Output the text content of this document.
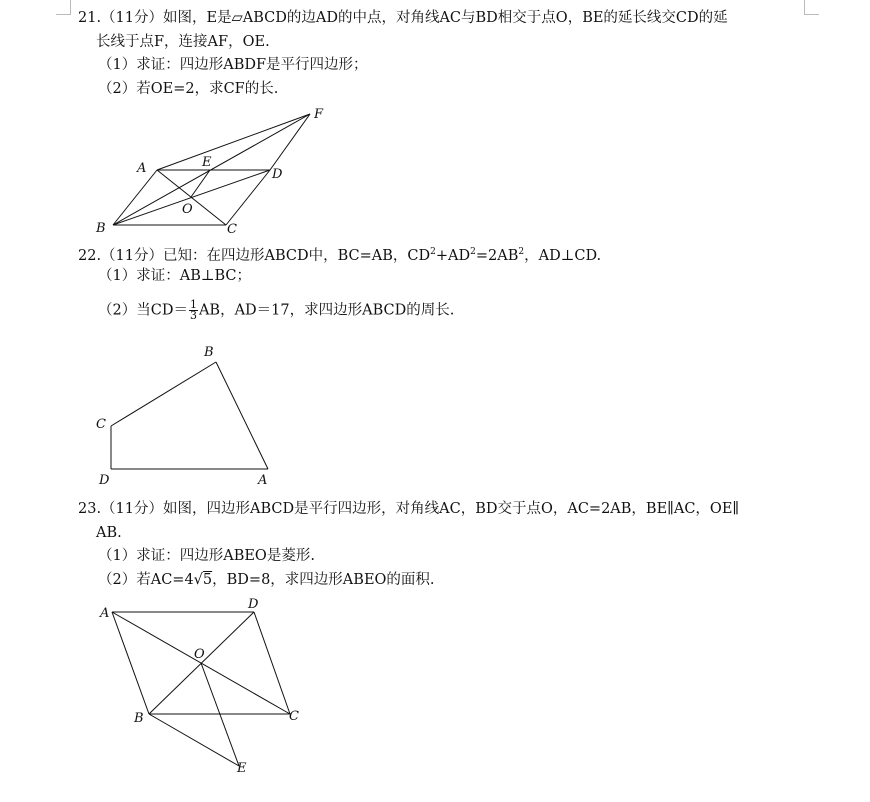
21.（11分）如图，E是▱ABCD的边AD的中点，对角线AC与BD相交于点O，BE的延长线交CD的延
长线于点F，连接AF，OE.
（1）求证：四边形ABDF是平行四边形；
（2）若OE=2，求CF的长.
A
B	C
D
E
F
O
22.（11分）已知：在四边形ABCD中，BC=AB，$CD^2+AD^2=2AB^2$，AD⊥CD.
（1）求证：AB⊥BC；
（2）当$CD= \frac{1}{3}$ AB，AD＝17，求四边形ABCD的周长.
B
C
D	A
23.（11分）如图，四边形ABCD是平行四边形，对角线AC，BD交于点O，AC=2AB，BE∥AC，OE∥
AB.
（1）求证：四边形ABEO是菱形.
（2）若AC=4√5，BD=8，求四边形ABEO的面积.
A
D
O
B	C
E
